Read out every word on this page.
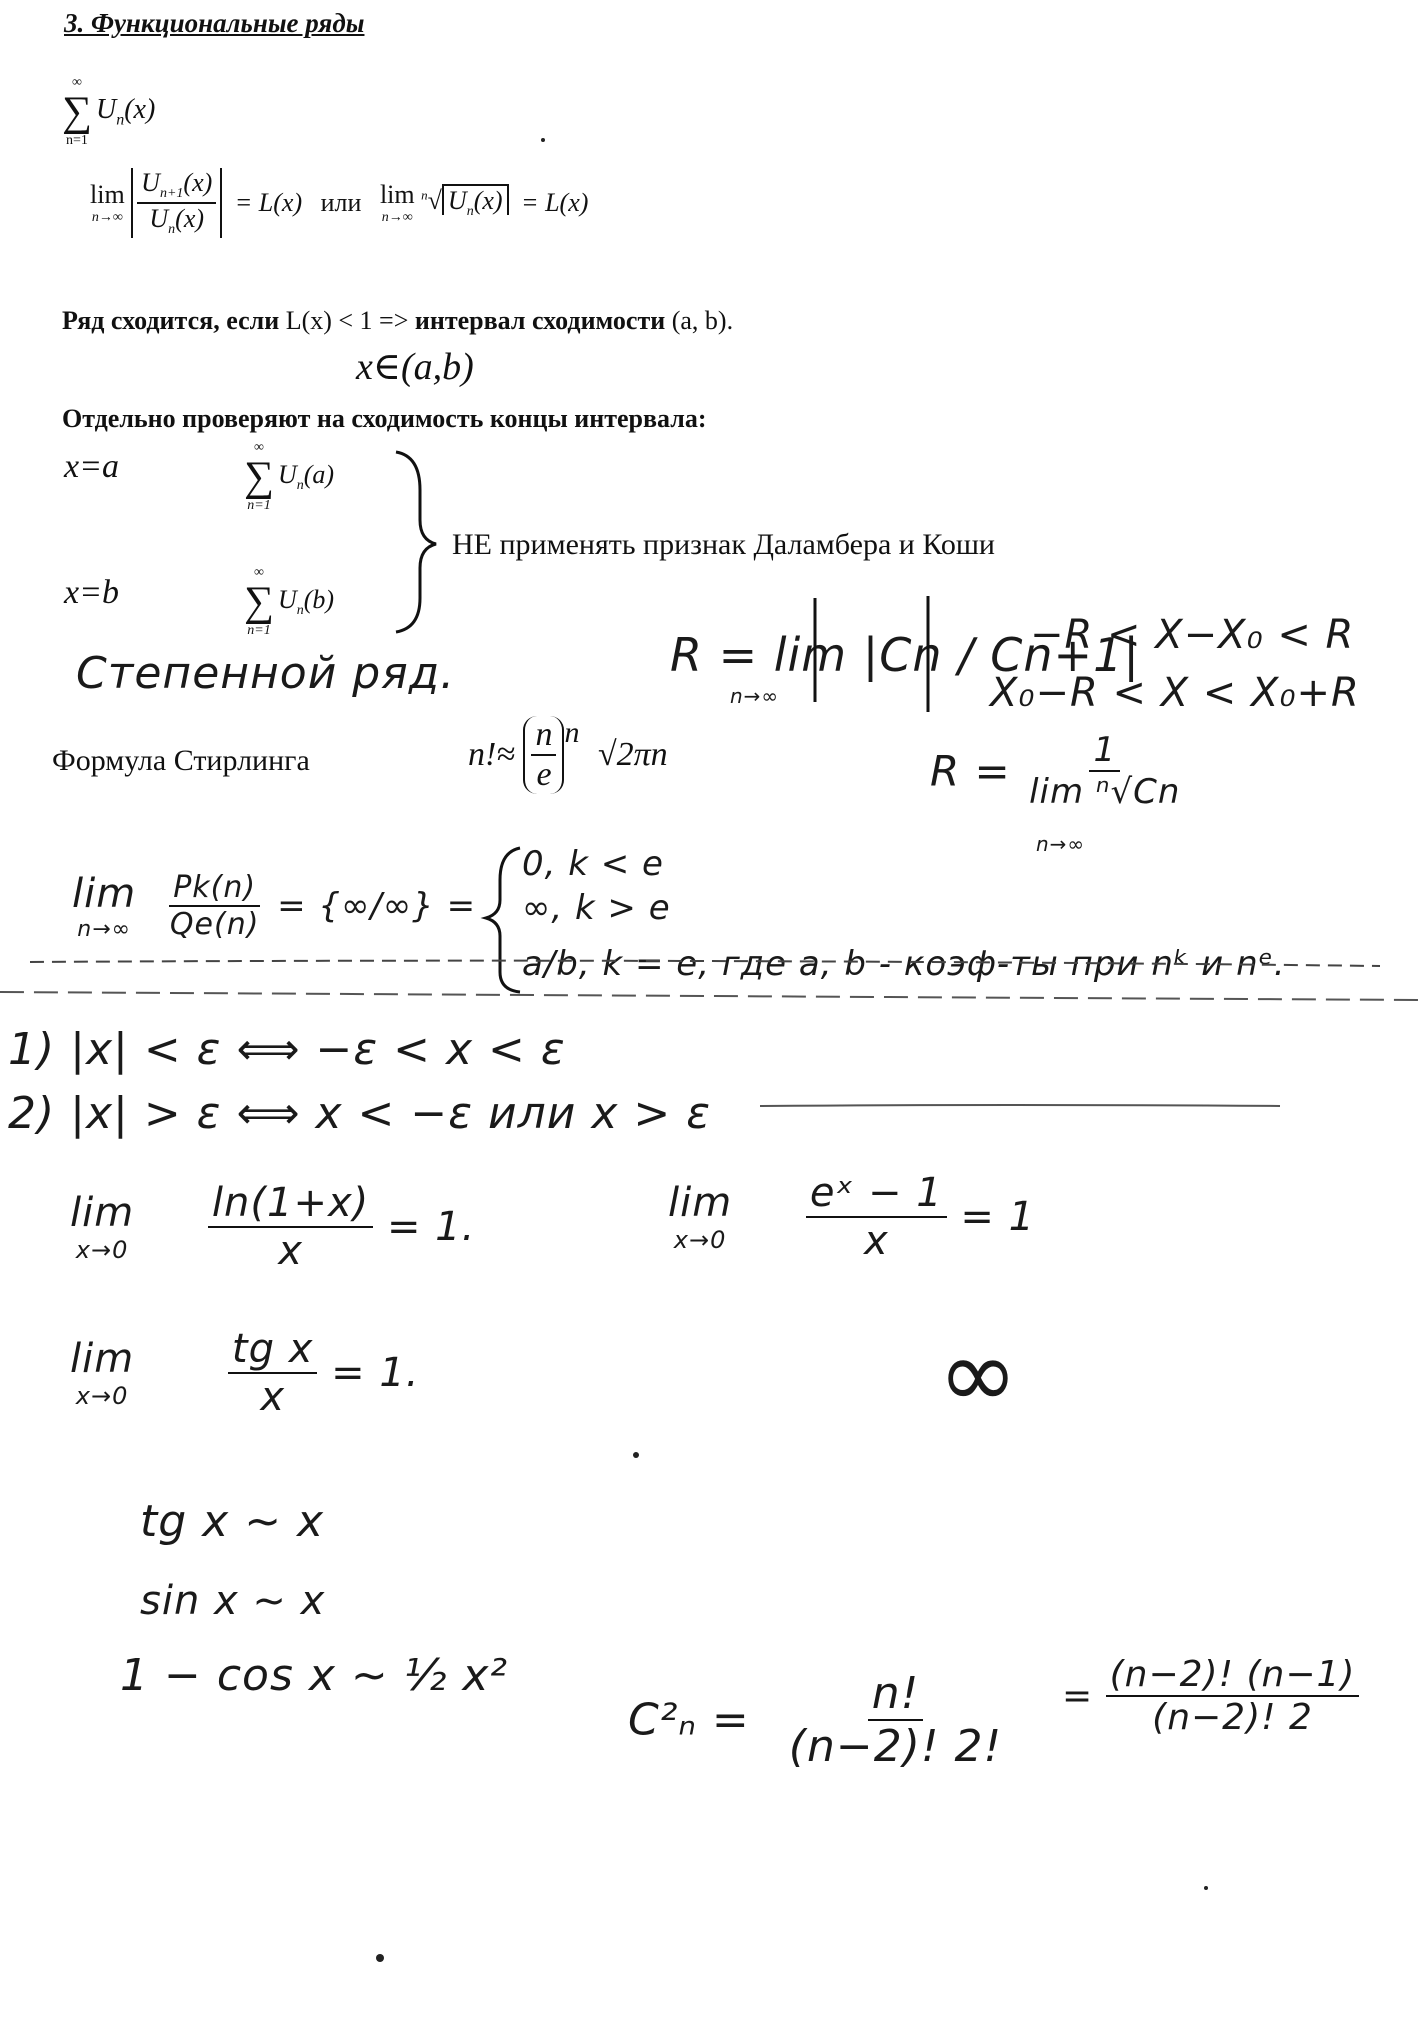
3. Функциональные ряды
∞
∑
n=1
$U_n(x)$
lim
n→∞
$\frac{U_{n+1}(x)}{U_n(x)} = L(x)$ или lim
n→∞
$^n$√ $U_n(x) = L(x)$
Ряд сходится, если L(x) < 1 => интервал сходимости (a, b).
x∈(a,b)
Отдельно проверяют на сходимость концы интервала:
x=a
x=b
∞
∑
n=1
$U_n(a)$
∞
∑
n=1
$U_n(b)$
НЕ применять признак Даламбера и Коши
Степенной ряд.	R = lim |Cn / Cn+1|
n→∞
−R < X−X₀ < R
X₀−R < X < X₀+R
Формула Стирлинга	$n!\approx \frac{n}{e} ^n$ √2πn	$R = \frac{1}{\text{lim ⁿ√Cn}}$
n→∞
lim
n→∞
$\frac{Pk(n)}{Qe(n)}$ = {∞/∞} =
0, k < e
∞, k > e
a/b, k = e, где a, b - коэф-ты при nᵏ и nᵉ.
1) |x| < ε ⟺ −ε < x < ε
2) |x| > ε ⟺ x < −ε или x > ε
lim
x→0
$\frac{\ln(1+x)}{x} = 1$.
lim
x→0
$\frac{\text{eˣ − 1}}{x} = 1$
lim
x→0
$\frac{\text{tg x}}{x} = 1$.	∞
tg x ~ x
sin x ~ x
1 − cos x ~ ½ x²
$C^2_n = \frac{n!}{(n-2)! 2!} = \frac{(n-2)! (n-1)}{(n-2)! 2}$
